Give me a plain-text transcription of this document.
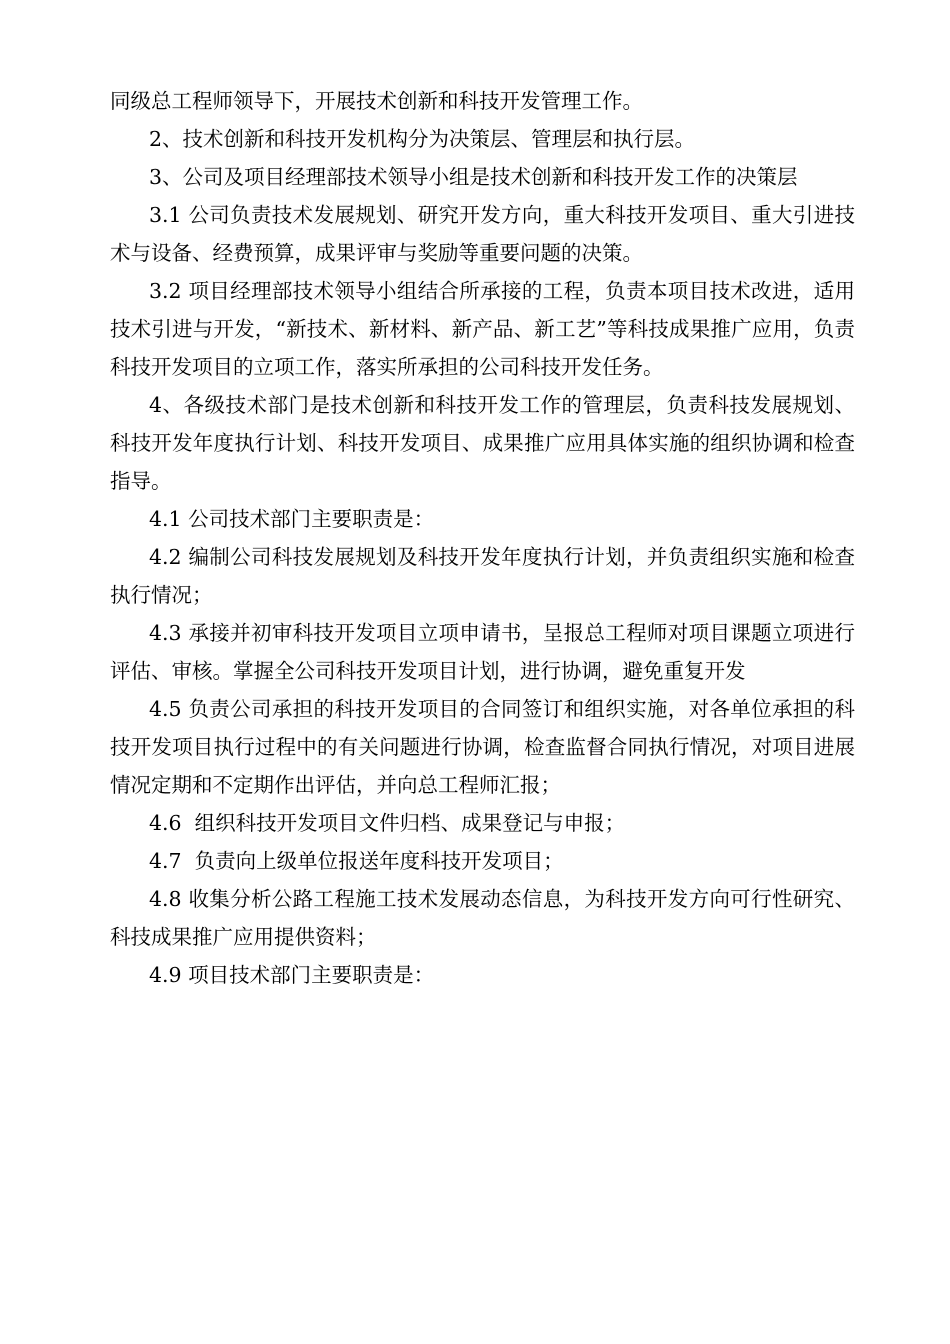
同级总工程师领导下，开展技术创新和科技开发管理工作。

2、技术创新和科技开发机构分为决策层、管理层和执行层。

3、公司及项目经理部技术领导小组是技术创新和科技开发工作的决策层

3.1 公司负责技术发展规划、研究开发方向，重大科技开发项目、重大引进技术与设备、经费预算，成果评审与奖励等重要问题的决策。

3.2 项目经理部技术领导小组结合所承接的工程，负责本项目技术改进，适用技术引进与开发，“新技术、新材料、新产品、新工艺”等科技成果推广应用，负责科技开发项目的立项工作，落实所承担的公司科技开发任务。

4、各级技术部门是技术创新和科技开发工作的管理层，负责科技发展规划、科技开发年度执行计划、科技开发项目、成果推广应用具体实施的组织协调和检查指导。

4.1 公司技术部门主要职责是：

4.2 编制公司科技发展规划及科技开发年度执行计划，并负责组织实施和检查执行情况；

4.3 承接并初审科技开发项目立项申请书，呈报总工程师对项目课题立项进行评估、审核。掌握全公司科技开发项目计划，进行协调，避免重复开发

4.5 负责公司承担的科技开发项目的合同签订和组织实施，对各单位承担的科技开发项目执行过程中的有关问题进行协调，检查监督合同执行情况，对项目进展情况定期和不定期作出评估，并向总工程师汇报；

4.6  组织科技开发项目文件归档、成果登记与申报；

4.7  负责向上级单位报送年度科技开发项目；

4.8 收集分析公路工程施工技术发展动态信息，为科技开发方向可行性研究、科技成果推广应用提供资料；

4.9 项目技术部门主要职责是：
